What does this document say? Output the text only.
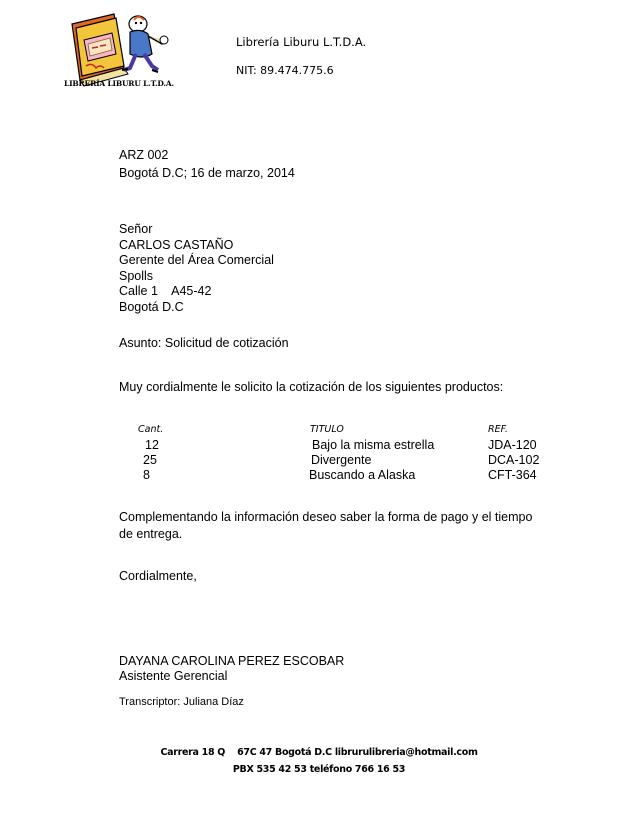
LIBRERÍA LIBURU L.T.D.A.
Librería Liburu L.T.D.A.
NIT: 89.474.775.6
ARZ 002
Bogotá D.C; 16 de marzo, 2014
Señor
CARLOS CASTAÑO
Gerente del Área Comercial
Spolls
Calle 1    A45-42
Bogotá D.C
Asunto: Solicitud de cotización
Muy cordialmente le solicito la cotización de los siguientes productos:
Cant.	TITULO	REF.
12	Bajo la misma estrella	JDA-120
25	Divergente	DCA-102
8	Buscando a Alaska	CFT-364
Complementando la información deseo saber la forma de pago y el tiempo de entrega.
Cordialmente,
DAYANA CAROLINA PEREZ ESCOBAR
Asistente Gerencial
Transcriptor: Juliana Díaz
Carrera 18 Q    67C 47 Bogotá D.C librurulibreria@hotmail.com
PBX 535 42 53 teléfono 766 16 53
